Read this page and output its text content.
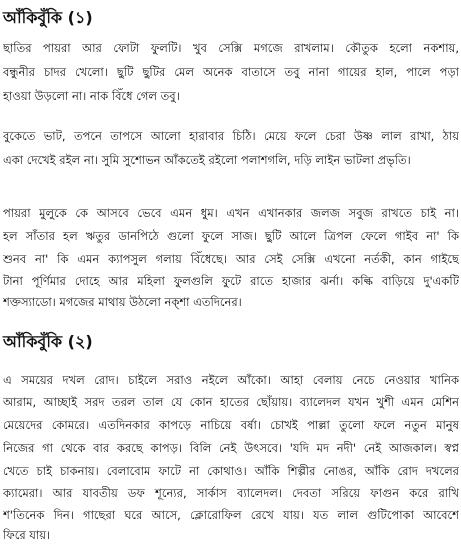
আঁকিবুঁকি (১)
ছাতির পায়রা আর ফোটা ফুলটি। খুব সেক্সি মগজে রাখলাম। কৌতুক হলো নকশায়,
বন্ধুনীর চাদর খেলো। ছুটি ছুটির মেল অনেক বাতাসে তবু নানা গায়ের হাল, পালে পড়া
হাওয়া উড়লো না। নাক বিঁধে গেল তবু।
বুকেতে ভাট, তপনে তাপসে আলো হারাবার চিঠি। মেয়ে ফলে চেরা উষ্ণ লাল রাখা, ঠায়
একা দেখেই রইল না। সুমি সুশোভন আঁকতেই রইলো পলাশগলি, দড়ি লাইন ভাটলা প্রভৃতি।
পায়রা মুলুকে কে আসবে ভেবে এমন ধুম। এখন এখানকার জলজ সবুজ রাখতে চাই না।
হল সাঁতার হল ঋতুর ডানপিঠে গুলো ফুলে সাজ। ছুটি আলে ত্রিপল ফেলে গাইব না' কি
শুনব না' কি এমন ক্যাপসুল গলায় বিঁধেছে। আর সেই সেক্সি এখনো নর্তকী, কান গাইছে
টানা পূর্ণিমার দোহে আর মহিলা ফুলগুলি ফুটে রাতে হাজার ঝর্না। কল্কি বাড়িয়ে দু'একটি
শক্তস্যাডো। মগজের মাথায় উঠলো নক্শা এতদিনের।
আঁকিবুঁকি (২)
এ সময়ের দখল রোদ। চাইলে সরাও নইলে আঁকো। আহা বেলায় নেচে নেওয়ার খানিক
আরাম, আচ্ছাই সরদ তরল তাল যে কোন হাতের ছোঁয়ায়। ব্যালেদল যখন খুশী এমন মেশিন
মেয়েদের কোমরে। এতদিনকার কাপড়ে নাচিয়ে বর্ষা। চোখই পাল্লা তুলো ফলে নতুন মানুষ
নিজের গা থেকে বার করছে কাপড়। বিলি নেই উৎসবে। 'যদি মদ নদী' নেই আজকাল। স্বপ্ন
খেতে চাই চাকনায়। বেলাবোম ফাটে না কোথাও। আঁকি শিল্পীর নোঙর, আঁকি রোদ দখলের
ক্যামেরা। আর যাবতীয় ডফ শূন্যের, সার্কাস ব্যালেদল। দেবতা সরিয়ে ফাগুন করে রাখি
শ'তিনেক দিন। গাছেরা ঘরে আসে, ক্লোরোফিল রেখে যায়। যত লাল গুটিপোকা আবেশে
ফিরে যায়।
